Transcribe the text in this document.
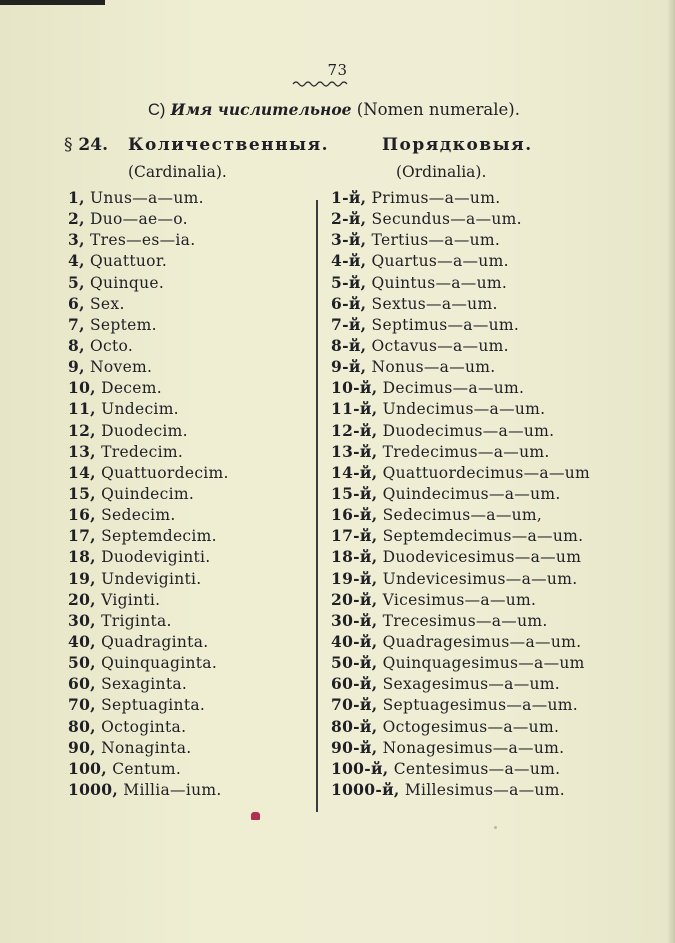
73
C) Имя числительное (Nomen numerale).
§ 24. Количественныя.	Порядковыя.
(Cardinalia).	(Ordinalia).
1, Unus—a—um.
2, Duo—ae—o.
3, Tres—es—ia.
4, Quattuor.
5, Quinque.
6, Sex.
7, Septem.
8, Octo.
9, Novem.
10, Decem.
11, Undecim.
12, Duodecim.
13, Tredecim.
14, Quattuordecim.
15, Quindecim.
16, Sedecim.
17, Septemdecim.
18, Duodeviginti.
19, Undeviginti.
20, Viginti.
30, Triginta.
40, Quadraginta.
50, Quinquaginta.
60, Sexaginta.
70, Septuaginta.
80, Octoginta.
90, Nonaginta.
100, Centum.
1000, Millia—ium.
1-й, Primus—a—um.
2-й, Secundus—a—um.
3-й, Tertius—a—um.
4-й, Quartus—a—um.
5-й, Quintus—a—um.
6-й, Sextus—a—um.
7-й, Septimus—a—um.
8-й, Octavus—a—um.
9-й, Nonus—a—um.
10-й, Decimus—a—um.
11-й, Undecimus—a—um.
12-й, Duodecimus—a—um.
13-й, Tredecimus—a—um.
14-й, Quattuordecimus—a—um
15-й, Quindecimus—a—um.
16-й, Sedecimus—a—um,
17-й, Septemdecimus—a—um.
18-й, Duodevicesimus—a—um
19-й, Undevicesimus—a—um.
20-й, Vicesimus—a—um.
30-й, Trecesimus—a—um.
40-й, Quadragesimus—a—um.
50-й, Quinquagesimus—a—um
60-й, Sexagesimus—a—um.
70-й, Septuagesimus—a—um.
80-й, Octogesimus—a—um.
90-й, Nonagesimus—a—um.
100-й, Centesimus—a—um.
1000-й, Millesimus—a—um.
